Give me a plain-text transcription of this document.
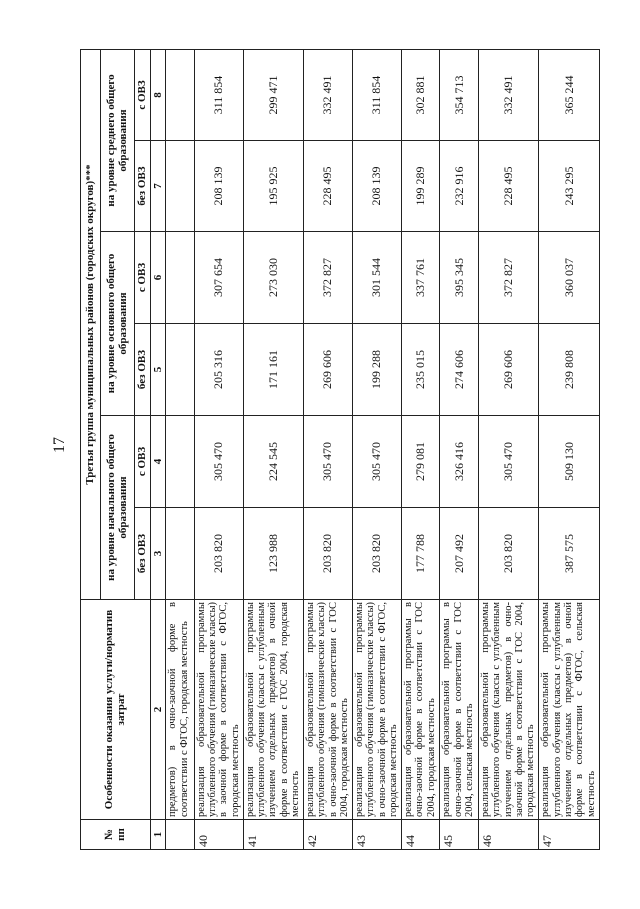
17
№ пп	Особенности оказания услуги/норматив затрат	Третья группа муниципальных районов (городских округов)***					
		на уровне начального общего образования		на уровне основного общего образования		на уровне среднего общего образования	
		без ОВЗ	с ОВЗ	без ОВЗ	с ОВЗ	без ОВЗ	с ОВЗ
1	2	3	4	5	6	7	8
	предметов) в очно-заочной форме в соответствии с ФГОС, городская местность						
40	реализация образовательной программы углубленного обучения (гимназические классы) в заочной форме в соответствии с ФГОС, городская местность	203 820	305 470	205 316	307 654	208 139	311 854
41	реализация образовательной программы углубленного обучения (классы с углубленным изучением отдельных предметов) в очной форме в соответствии с ГОС 2004, городская местность	123 988	224 545	171 161	273 030	195 925	299 471
42	реализация образовательной программы углубленного обучения (гимназические классы) в очно-заочной форме в соответствии с ГОС 2004, городская местность	203 820	305 470	269 606	372 827	228 495	332 491
43	реализация образовательной программы углубленного обучения (гимназические классы) в очно-заочной форме в соответствии с ФГОС, городская местность	203 820	305 470	199 288	301 544	208 139	311 854
44	реализация образовательной программы в очно-заочной форме в соответствии с ГОС 2004, городская местность	177 788	279 081	235 015	337 761	199 289	302 881
45	реализация образовательной программы в очно-заочной форме в соответствии с ГОС 2004, сельская местность	207 492	326 416	274 606	395 345	232 916	354 713
46	реализация образовательной программы углубленного обучения (классы с углубленным изучением отдельных предметов) в очно-заочной форме в соответствии с ГОС 2004, городская местность	203 820	305 470	269 606	372 827	228 495	332 491
47	реализация образовательной программы углубленного обучения (классы с углубленным изучением отдельных предметов) в очной форме в соответствии с ФГОС, сельская местность	387 575	509 130	239 808	360 037	243 295	365 244
